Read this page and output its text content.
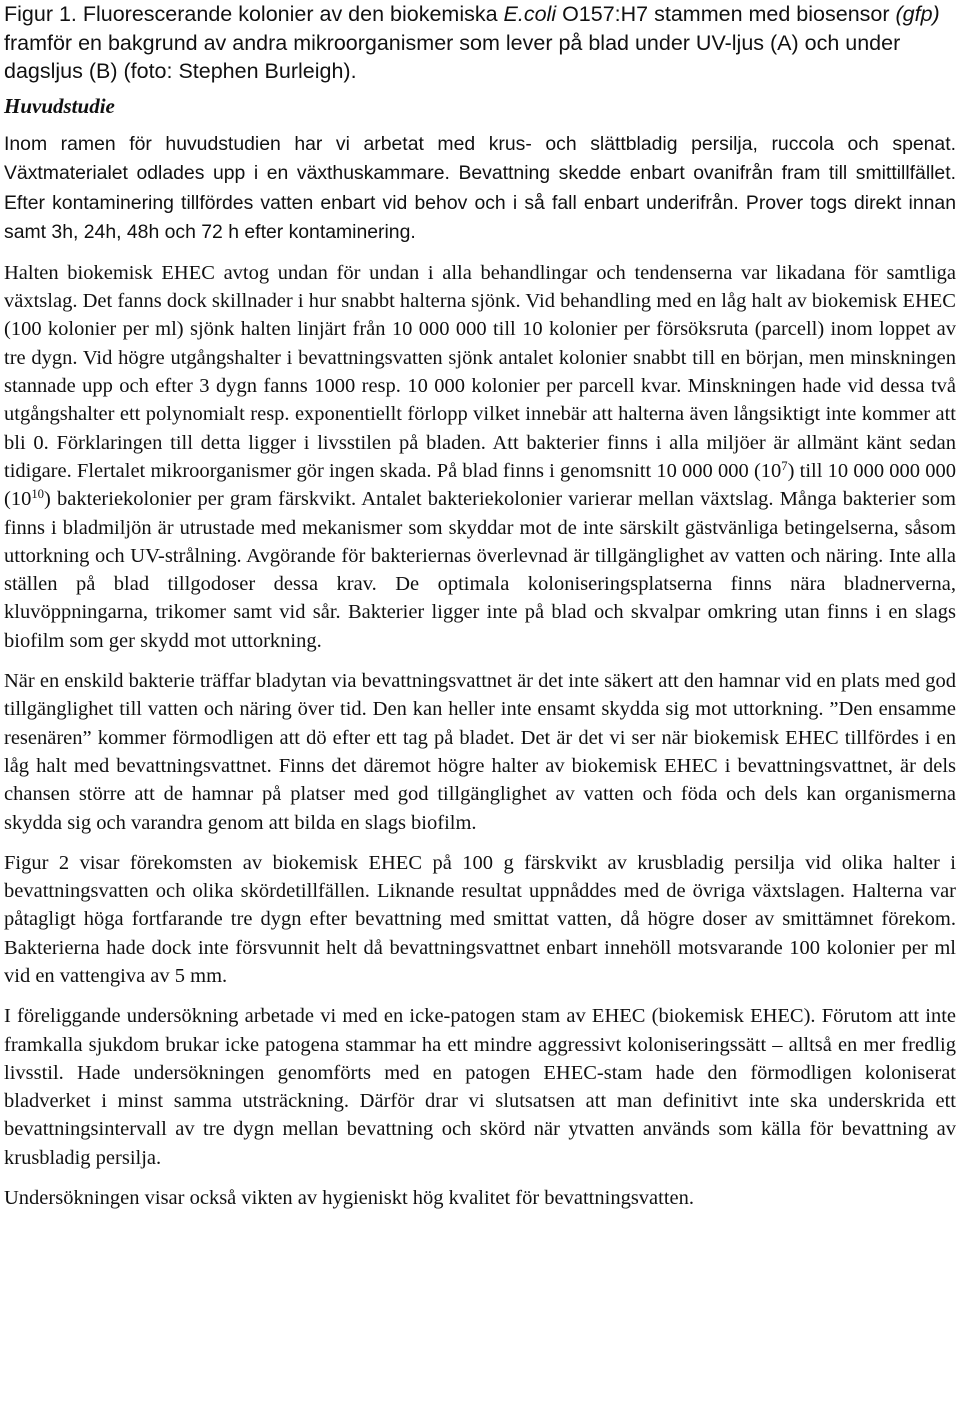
Figur 1. Fluorescerande kolonier av den biokemiska E.coli O157:H7 stammen med biosensor (gfp) framför en bakgrund av andra mikroorganismer som lever på blad under UV-ljus (A) och under dagsljus (B) (foto: Stephen Burleigh).

Huvudstudie

Inom ramen för huvudstudien har vi arbetat med krus- och slättbladig persilja, ruccola och spenat. Växtmaterialet odlades upp i en växthuskammare. Bevattning skedde enbart ovanifrån fram till smittillfället. Efter kontaminering tillfördes vatten enbart vid behov och i så fall enbart underifrån. Prover togs direkt innan samt 3h, 24h, 48h och 72 h efter kontaminering.

Halten biokemisk EHEC avtog undan för undan i alla behandlingar och tendenserna var likadana för samtliga växtslag. Det fanns dock skillnader i hur snabbt halterna sjönk. Vid behandling med en låg halt av biokemisk EHEC (100 kolonier per ml) sjönk halten linjärt från 10 000 000 till 10 kolonier per försöksruta (parcell) inom loppet av tre dygn. Vid högre utgångshalter i bevattningsvatten sjönk antalet kolonier snabbt till en början, men minskningen stannade upp och efter 3 dygn fanns 1000 resp. 10 000 kolonier per parcell kvar. Minskningen hade vid dessa två utgångshalter ett polynomialt resp. exponentiellt förlopp vilket innebär att halterna även långsiktigt inte kommer att bli 0. Förklaringen till detta ligger i livsstilen på bladen. Att bakterier finns i alla miljöer är allmänt känt sedan tidigare. Flertalet mikroorganismer gör ingen skada. På blad finns i genomsnitt 10 000 000 $(10^7)$ till 10 000 000 000 $(10^{10})$ bakteriekolonier per gram färskvikt. Antalet bakteriekolonier varierar mellan växtslag. Många bakterier som finns i bladmiljön är utrustade med mekanismer som skyddar mot de inte särskilt gästvänliga betingelserna, såsom uttorkning och UV-strålning. Avgörande för bakteriernas överlevnad är tillgänglighet av vatten och näring. Inte alla ställen på blad tillgodoser dessa krav. De optimala koloniseringsplatserna finns nära bladnerverna, kluvöppningarna, trikomer samt vid sår. Bakterier ligger inte på blad och skvalpar omkring utan finns i en slags biofilm som ger skydd mot uttorkning.

När en enskild bakterie träffar bladytan via bevattningsvattnet är det inte säkert att den hamnar vid en plats med god tillgänglighet till vatten och näring över tid. Den kan heller inte ensamt skydda sig mot uttorkning. ”Den ensamme resenären” kommer förmodligen att dö efter ett tag på bladet. Det är det vi ser när biokemisk EHEC tillfördes i en låg halt med bevattningsvattnet. Finns det däremot högre halter av biokemisk EHEC i bevattningsvattnet, är dels chansen större att de hamnar på platser med god tillgänglighet av vatten och föda och dels kan organismerna skydda sig och varandra genom att bilda en slags biofilm.

Figur 2 visar förekomsten av biokemisk EHEC på 100 g färskvikt av krusbladig persilja vid olika halter i bevattningsvatten och olika skördetillfällen. Liknande resultat uppnåddes med de övriga växtslagen. Halterna var påtagligt höga fortfarande tre dygn efter bevattning med smittat vatten, då högre doser av smittämnet förekom. Bakterierna hade dock inte försvunnit helt då bevattningsvattnet enbart innehöll motsvarande 100 kolonier per ml vid en vattengiva av 5 mm.

I föreliggande undersökning arbetade vi med en icke-patogen stam av EHEC (biokemisk EHEC). Förutom att inte framkalla sjukdom brukar icke patogena stammar ha ett mindre aggressivt koloniseringssätt – alltså en mer fredlig livsstil. Hade undersökningen genomförts med en patogen EHEC-stam hade den förmodligen koloniserat bladverket i minst samma utsträckning. Därför drar vi slutsatsen att man definitivt inte ska underskrida ett bevattningsintervall av tre dygn mellan bevattning och skörd när ytvatten används som källa för bevattning av krusbladig persilja.

Undersökningen visar också vikten av hygieniskt hög kvalitet för bevattningsvatten.
